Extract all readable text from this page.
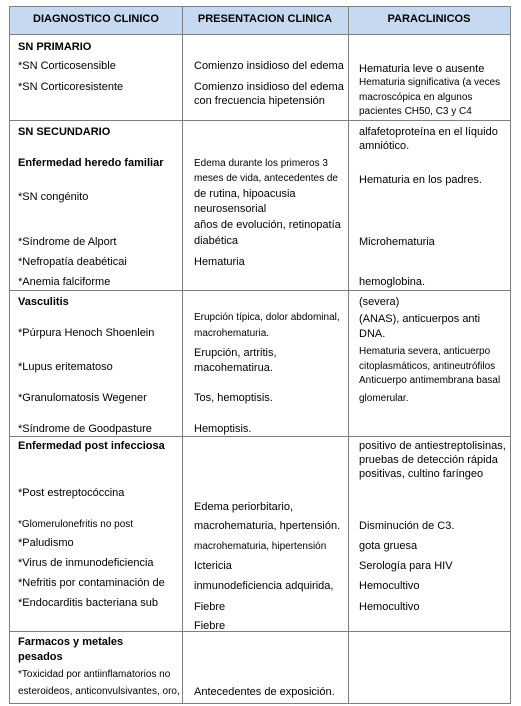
DIAGNOSTICO CLINICO	PRESENTACION CLINICA	PARACLINICOS
SN PRIMARIO
*SN Corticosensible
*SN Corticoresistente
Comienzo insidioso del edema
Comienzo insidioso del edema
con frecuencia hipetensión
Hematuria leve o ausente
Hematuria significativa (a veces
macroscópica en algunos
pacientes CH50, C3 y C4
SN SECUNDARIO
Enfermedad heredo familiar
*SN congénito
*Síndrome de Alport
*Nefropatía deabéticai
*Anemia falciforme
Edema durante los primeros 3
meses de vida, antecedentes de
de rutina, hipoacusia
neurosensorial
años de evolución, retinopatía
diabética
Hematuria
alfafetoproteína en el líquido
amniótico.
Hematuria en los padres.
Microhematuria
hemoglobina.
Vasculitis
*Púrpura Henoch Shoenlein
*Lupus eritematoso
*Granulomatosis Wegener
*Síndrome de Goodpasture
Erupción típica, dolor abdominal,
macrohematuria.
Erupción, artritis,
macohematirua.
Tos, hemoptisis.
Hemoptisis.
(severa)
(ANAS), anticuerpos anti
DNA.
Hematuria severa, anticuerpo
citoplasmáticos, antineutrófilos
Anticuerpo antimembrana basal
glomerular.
Enfermedad post infecciosa
*Post estreptocóccina
*Glomerulonefritis no post
*Paludismo
*Virus de inmunodeficiencia
*Nefritis por contaminación de
*Endocarditis bacteriana sub
Edema periorbitario,
macrohematuria, hpertensión.
macrohematuria, hipertensión
Ictericia
inmunodeficiencia adquirida,
Fiebre
Fiebre
positivo de antiestreptolisinas,
pruebas de detección rápida
positivas, cultino faríngeo
Disminución de C3.
gota gruesa
Serología para HIV
Hemocultivo
Hemocultivo
Farmacos y metales
pesados
*Toxicidad por antiinflamatorios no
esteroideos, anticonvulsivantes, oro, Antecedentes de exposición.
